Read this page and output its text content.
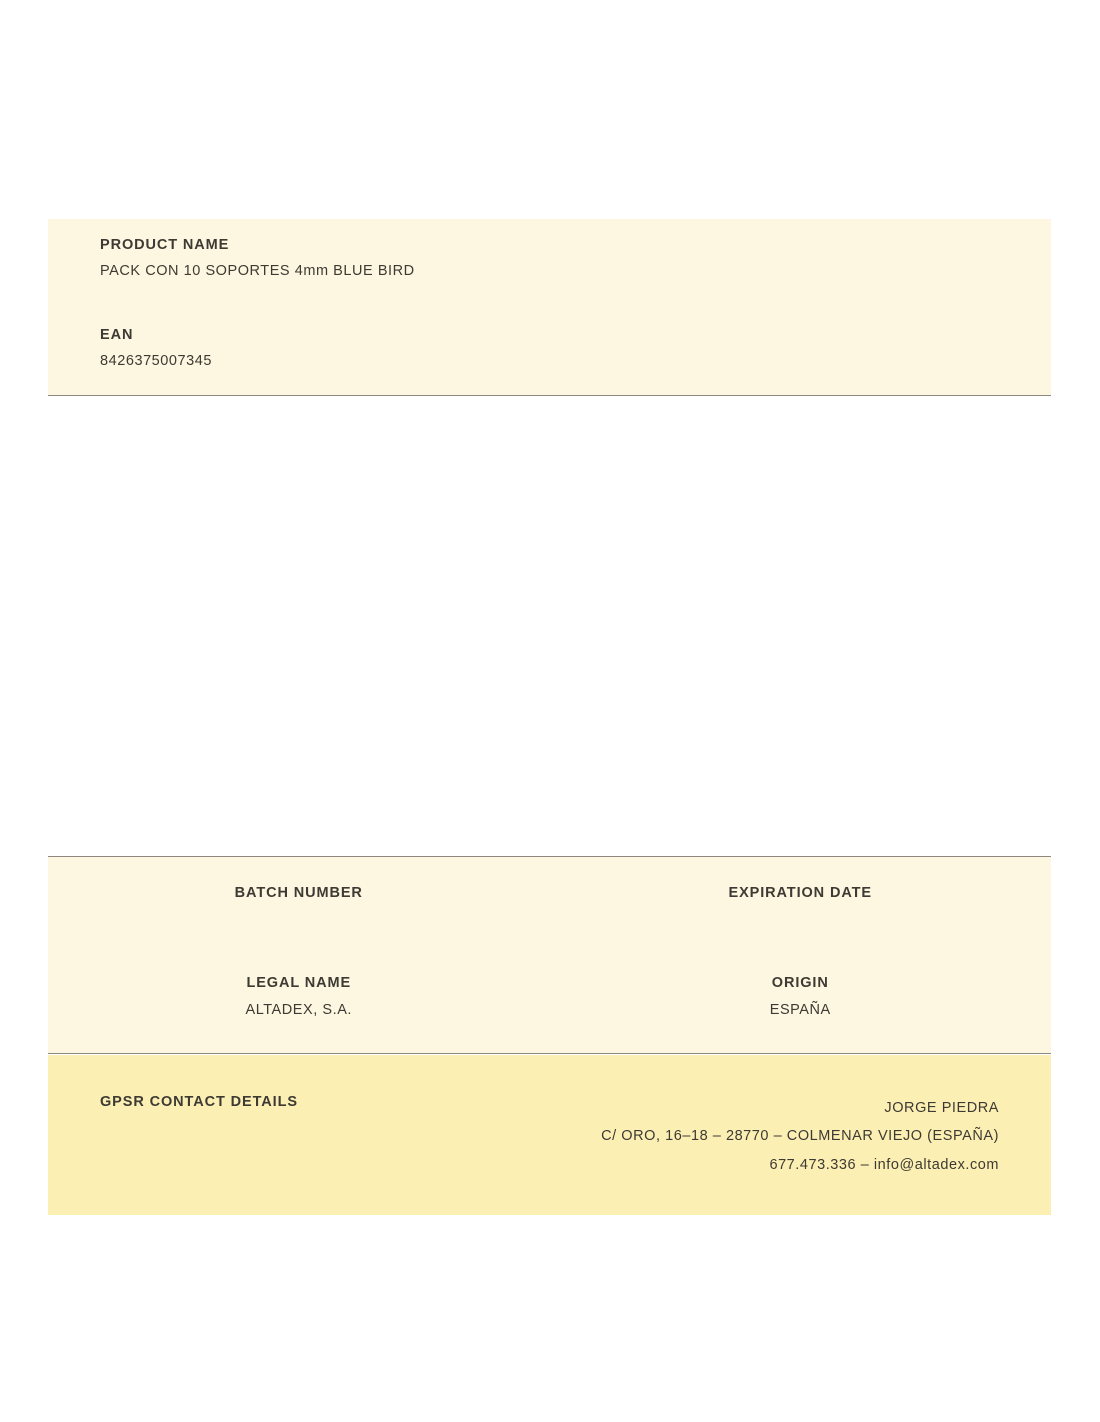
PRODUCT NAME
PACK CON 10 SOPORTES 4mm BLUE BIRD
EAN
8426375007345
BATCH NUMBER	EXPIRATION DATE
LEGAL NAME
ALTADEX, S.A.
ORIGIN
ESPAÑA
GPSR CONTACT DETAILS	JORGE PIEDRA
C/ ORO, 16–18 – 28770 – COLMENAR VIEJO (ESPAÑA)
677.473.336 – info@altadex.com
